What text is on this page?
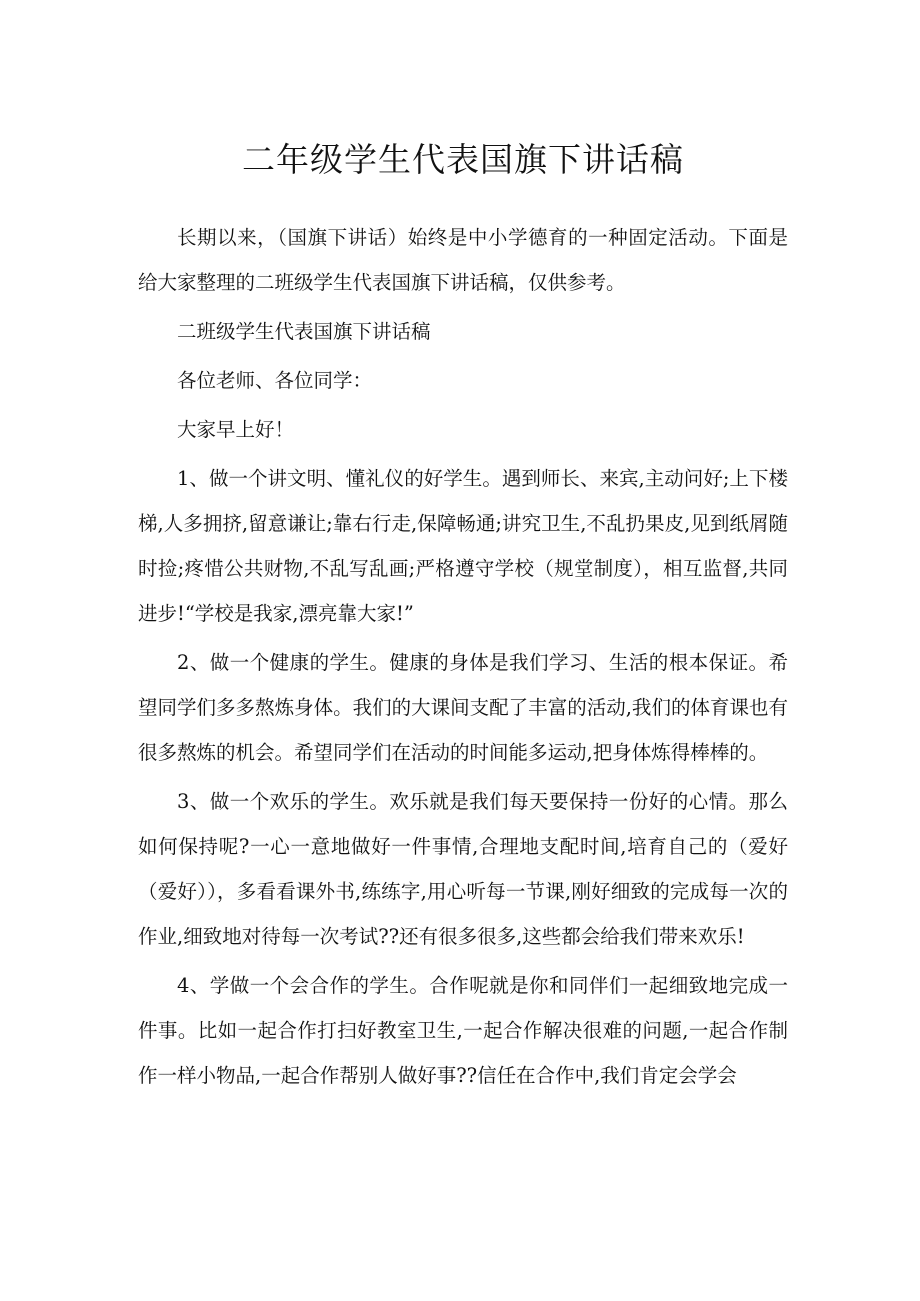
二年级学生代表国旗下讲话稿

长期以来，（国旗下讲话）始终是中小学德育的一种固定活动。下面是给大家整理的二班级学生代表国旗下讲话稿，仅供参考。

二班级学生代表国旗下讲话稿

各位老师、各位同学：

大家早上好！

1、做一个讲文明、懂礼仪的好学生。遇到师长、来宾,主动问好;上下楼梯,人多拥挤,留意谦让;靠右行走,保障畅通;讲究卫生,不乱扔果皮,见到纸屑随时捡;疼惜公共财物,不乱写乱画;严格遵守学校（规堂制度），相互监督,共同进步!“学校是我家,漂亮靠大家!”

2、做一个健康的学生。健康的身体是我们学习、生活的根本保证。希望同学们多多熬炼身体。我们的大课间支配了丰富的活动,我们的体育课也有很多熬炼的机会。希望同学们在活动的时间能多运动,把身体炼得棒棒的。

3、做一个欢乐的学生。欢乐就是我们每天要保持一份好的心情。那么如何保持呢?一心一意地做好一件事情,合理地支配时间,培育自己的（爱好（爱好）），多看看课外书,练练字,用心听每一节课,刚好细致的完成每一次的作业,细致地对待每一次考试??还有很多很多,这些都会给我们带来欢乐!

4、学做一个会合作的学生。合作呢就是你和同伴们一起细致地完成一件事。比如一起合作打扫好教室卫生,一起合作解决很难的问题,一起合作制作一样小物品,一起合作帮别人做好事??信任在合作中,我们肯定会学会
